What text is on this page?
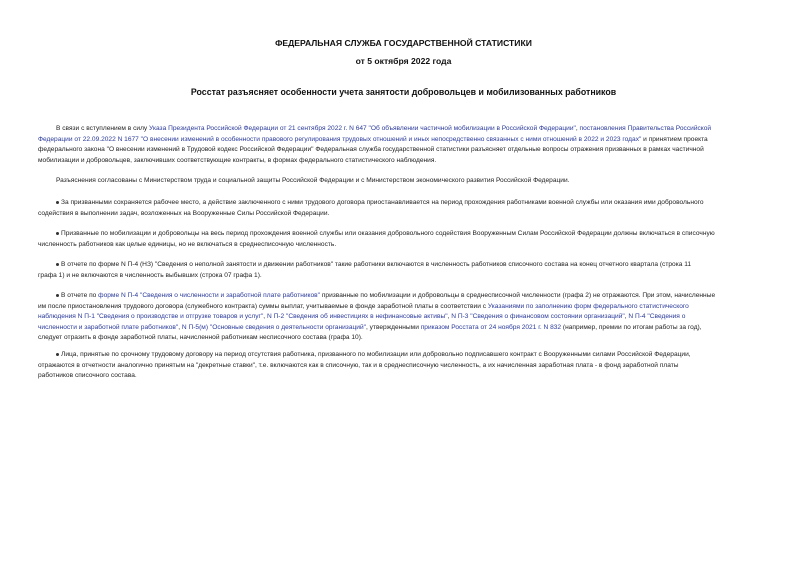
ФЕДЕРАЛЬНАЯ СЛУЖБА ГОСУДАРСТВЕННОЙ СТАТИСТИКИ
от 5 октября 2022 года
Росстат разъясняет особенности учета занятости добровольцев и мобилизованных работников
В связи с вступлением в силу Указа Президента Российской Федерации от 21 сентября 2022 г. N 647 "Об объявлении частичной мобилизации в Российской Федерации", постановления Правительства Российской
Федерации от 22.09.2022 N 1677 "О внесении изменений в особенности правового регулирования трудовых отношений и иных непосредственно связанных с ними отношений в 2022 и 2023 годах" и принятием проекта
федерального закона "О внесении изменений в Трудовой кодекс Российской Федерации" Федеральная служба государственной статистики разъясняет отдельные вопросы отражения призванных в рамках частичной
мобилизации и добровольцев, заключивших соответствующие контракты, в формах федерального статистического наблюдения.
Разъяснения согласованы с Министерством труда и социальной защиты Российской Федерации и с Министерством экономического развития Российской Федерации.
За призванными сохраняется рабочее место, а действие заключенного с ними трудового договора приостанавливается на период прохождения работниками военной службы или оказания ими добровольного
содействия в выполнении задач, возложенных на Вооруженные Силы Российской Федерации.
Призванные по мобилизации и добровольцы на весь период прохождения военной службы или оказания добровольного содействия Вооруженным Силам Российской Федерации должны включаться в списочную
численность работников как целые единицы, но не включаться в среднесписочную численность.
В отчете по форме N П-4 (НЗ) "Сведения о неполной занятости и движении работников" такие работники включаются в численность работников списочного состава на конец отчетного квартала (строка 11
графа 1) и не включаются в численность выбывших (строка 07 графа 1).
В отчете по форме N П-4 "Сведения о численности и заработной плате работников" призванные по мобилизации и добровольцы в среднесписочной численности (графа 2) не отражаются. При этом, начисленные
им после приостановления трудового договора (служебного контракта) суммы выплат, учитываемые в фонде заработной платы в соответствии с Указаниями по заполнению форм федерального статистического
наблюдения N П-1 "Сведения о производстве и отгрузке товаров и услуг", N П-2 "Сведения об инвестициях в нефинансовые активы", N П-3 "Сведения о финансовом состоянии организаций", N П-4 "Сведения о
численности и заработной плате работников", N П-5(м) "Основные сведения о деятельности организаций", утвержденными приказом Росстата от 24 ноября 2021 г. N 832 (например, премии по итогам работы за год),
следует отразить в фонде заработной платы, начисленной работникам несписочного состава (графа 10).
Лица, принятые по срочному трудовому договору на период отсутствия работника, призванного по мобилизации или добровольно подписавшего контракт с Вооруженными силами Российской Федерации,
отражаются в отчетности аналогично принятым на "декретные ставки", т.е. включаются как в списочную, так и в среднесписочную численность, а их начисленная заработная плата - в фонд заработной платы
работников списочного состава.
